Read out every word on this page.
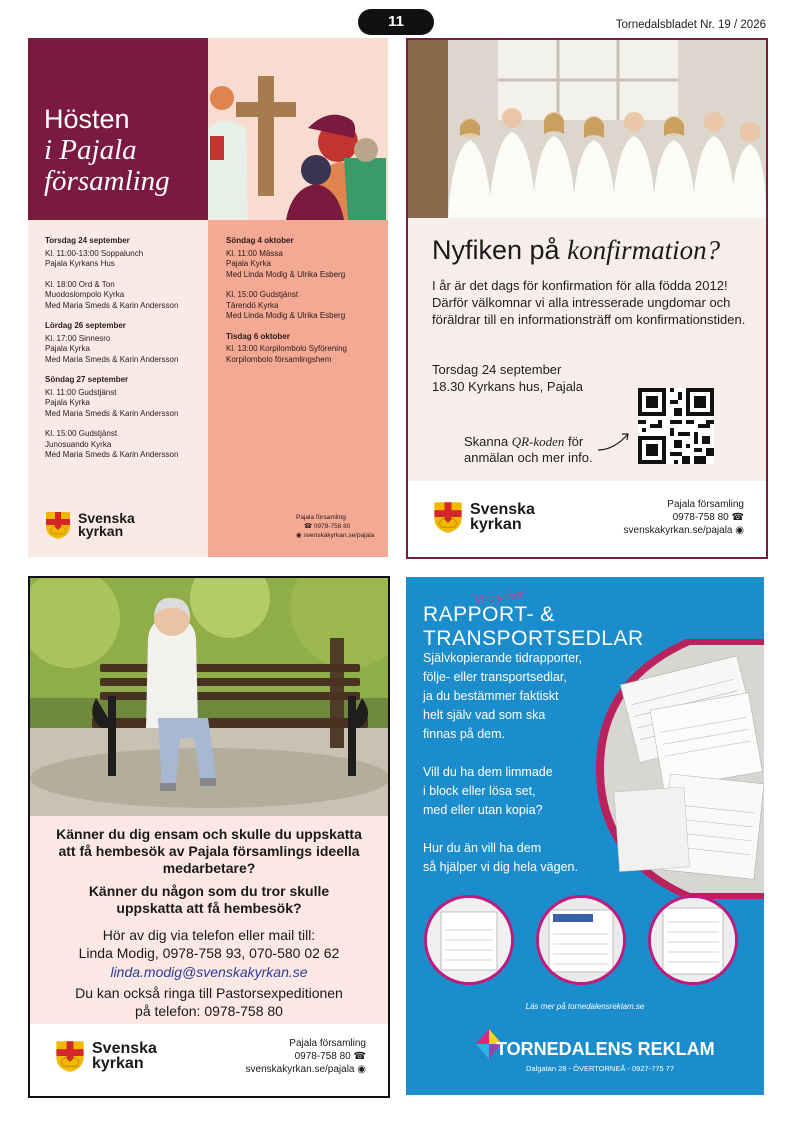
11	Tornedalsbladet Nr. 19 / 2026
Hösten
i Pajala
församling
Torsdag 24 september
Kl. 11:00-13:00 Soppalunch
Pajala Kyrkans Hus
Kl. 18:00 Ord & Ton
Muodoslompolo Kyrka
Med Maria Smeds & Karin Andersson
Lördag 26 september
Kl. 17:00 Sinnesro
Pajala Kyrka
Med Maria Smeds & Karin Andersson
Söndag 27 september
Kl. 11:00 Gudstjänst
Pajala Kyrka
Med Maria Smeds & Karin Andersson
Kl. 15:00 Gudstjänst
Junosuando Kyrka
Med Maria Smeds & Karin Andersson
Söndag 4 oktober
Kl. 11:00 Mässa
Pajala Kyrka
Med Linda Modig & Ulrika Esberg
Kl. 15:00 Gudstjänst
Tärendö Kyrka
Med Linda Modig & Ulrika Esberg
Tisdag 6 oktober
Kl. 13:00 Korpilombolo Syförening
Korpilombolo församlingshem
Svenska
kyrkan
Pajala församling
☎ 0978-758 80
◉ svenskakyrkan.se/pajala
Nyfiken på konfirmation?
I år är det dags för konfirmation för alla födda 2012! Därför välkomnar vi alla intresserade ungdomar och föräldrar till en informationsträff om konfirmationstiden.
Torsdag 24 september
18.30 Kyrkans hus, Pajala
Skanna QR-koden för
anmälan och mer info.
Svenska
kyrkan
Pajala församling
0978-758 80 ☎
svenskakyrkan.se/pajala ◉
Känner du dig ensam och skulle du uppskatta att få hembesök av Pajala församlings ideella medarbetare?
Känner du någon som du tror skulle uppskatta att få hembesök?
Hör av dig via telefon eller mail till:
Linda Modig, 0978-758 93, 070-580 02 62
linda.modig@svenskakyrkan.se
Du kan också ringa till Pastorsexpeditionen
på telefon: 0978-758 80
Svenska
kyrkan
Pajala församling
0978-758 80 ☎
svenskakyrkan.se/pajala ◉
Vi trycker
RAPPORT- & TRANSPORTSEDLAR
Självkopierande tidrapporter,
följe- eller transportsedlar,
ja du bestämmer faktiskt
helt själv vad som ska
finnas på dem.
Vill du ha dem limmade
i block eller lösa set,
med eller utan kopia?
Hur du än vill ha dem
så hjälper vi dig hela vägen.
Läs mer på tornedalensreklam.se
TORNEDALENS REKLAM
Dalgatan 28 - ÖVERTORNEÅ - 0927-775 77
